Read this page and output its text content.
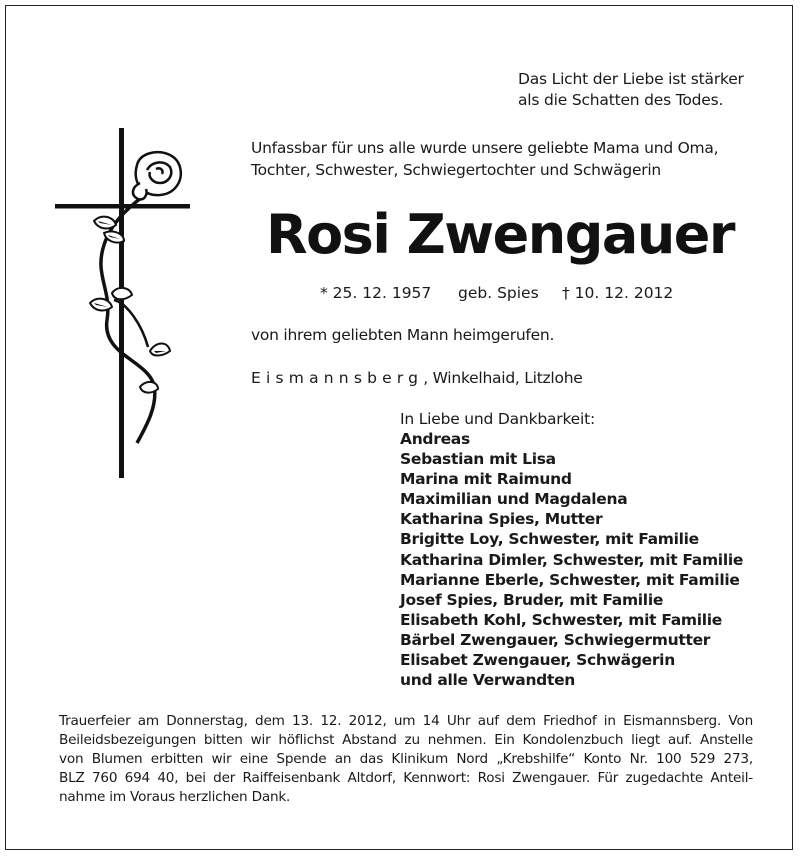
Das Licht der Liebe ist stärker
als die Schatten des Todes.
Unfassbar für uns alle wurde unsere geliebte Mama und Oma,
Tochter, Schwester, Schwiegertochter und Schwägerin
Rosi Zwengauer
* 25. 12. 1957 geb. Spies † 10. 12. 2012
von ihrem geliebten Mann heimgerufen.
Eismannsberg, Winkelhaid, Litzlohe
In Liebe und Dankbarkeit:
Andreas
Sebastian mit Lisa
Marina mit Raimund
Maximilian und Magdalena
Katharina Spies, Mutter
Brigitte Loy, Schwester, mit Familie
Katharina Dimler, Schwester, mit Familie
Marianne Eberle, Schwester, mit Familie
Josef Spies, Bruder, mit Familie
Elisabeth Kohl, Schwester, mit Familie
Bärbel Zwengauer, Schwiegermutter
Elisabet Zwengauer, Schwägerin
und alle Verwandten
Trauerfeier am Donnerstag, dem 13. 12. 2012, um 14 Uhr auf dem Friedhof in Eismannsberg. Von
Beileidsbezeigungen bitten wir höflichst Abstand zu nehmen. Ein Kondolenzbuch liegt auf. Anstelle
von Blumen erbitten wir eine Spende an das Klinikum Nord „Krebshilfe“ Konto Nr. 100 529 273,
BLZ 760 694 40, bei der Raiffeisenbank Altdorf, Kennwort: Rosi Zwengauer. Für zugedachte Anteil-
nahme im Voraus herzlichen Dank.
